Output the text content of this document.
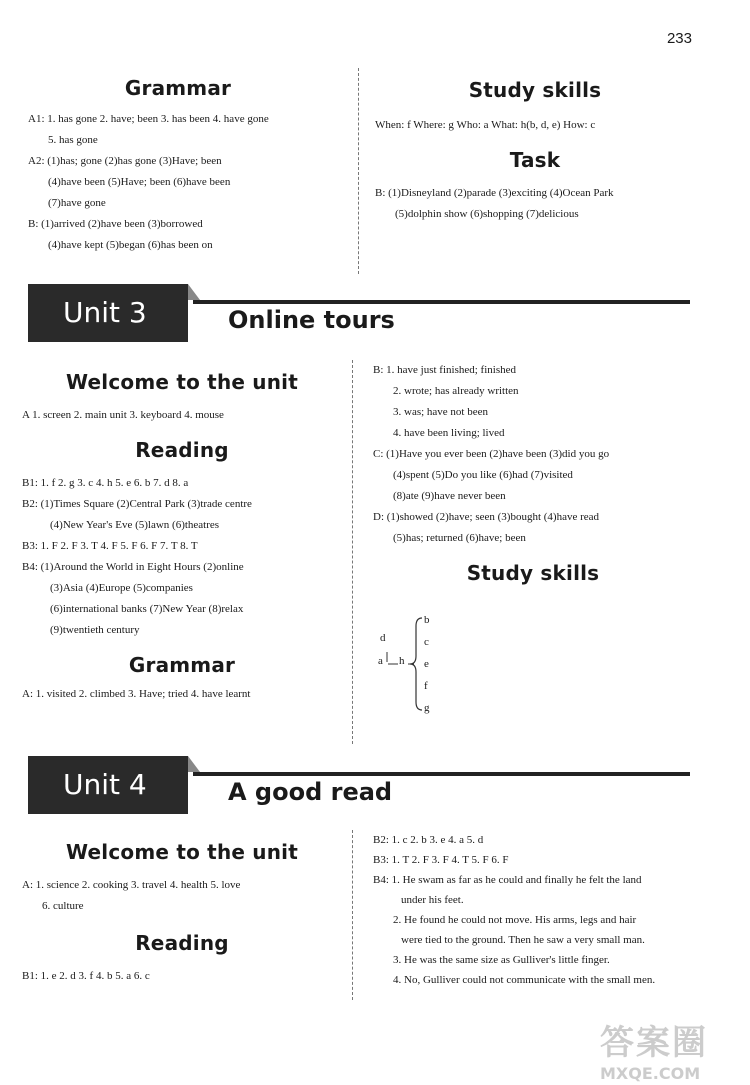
233
Grammar
A1: 1. has gone 2. have; been 3. has been 4. have gone
5. has gone
A2: (1)has; gone (2)has gone (3)Have; been
(4)have been (5)Have; been (6)have been
(7)have gone
B: (1)arrived (2)have been (3)borrowed
(4)have kept (5)began (6)has been on
Study skills
When: f Where: g Who: a What: h(b, d, e) How: c
Task
B: (1)Disneyland (2)parade (3)exciting (4)Ocean Park
(5)dolphin show (6)shopping (7)delicious
Unit 3	Online tours
Welcome to the unit
A 1. screen 2. main unit 3. keyboard 4. mouse
Reading
B1: 1. f 2. g 3. c 4. h 5. e 6. b 7. d 8. a
B2: (1)Times Square (2)Central Park (3)trade centre
(4)New Year's Eve (5)lawn (6)theatres
B3: 1. F 2. F 3. T 4. F 5. F 6. F 7. T 8. T
B4: (1)Around the World in Eight Hours (2)online
(3)Asia (4)Europe (5)companies
(6)international banks (7)New Year (8)relax
(9)twentieth century
Grammar
A: 1. visited 2. climbed 3. Have; tried 4. have learnt
B: 1. have just finished; finished
2. wrote; has already written
3. was; have not been
4. have been living; lived
C: (1)Have you ever been (2)have been (3)did you go
(4)spent (5)Do you like (6)had (7)visited
(8)ate (9)have never been
D: (1)showed (2)have; seen (3)bought (4)have read
(5)has; returned (6)have; been
Study skills
d
a h
b
c
e
f
g
Unit 4	A good read
Welcome to the unit
A: 1. science 2. cooking 3. travel 4. health 5. love
6. culture
Reading
B1: 1. e 2. d 3. f 4. b 5. a 6. c
B2: 1. c 2. b 3. e 4. a 5. d
B3: 1. T 2. F 3. F 4. T 5. F 6. F
B4: 1. He swam as far as he could and finally he felt the land
under his feet.
2. He found he could not move. His arms, legs and hair
were tied to the ground. Then he saw a very small man.
3. He was the same size as Gulliver's little finger.
4. No, Gulliver could not communicate with the small men.
答案圈
MXQE.COM
